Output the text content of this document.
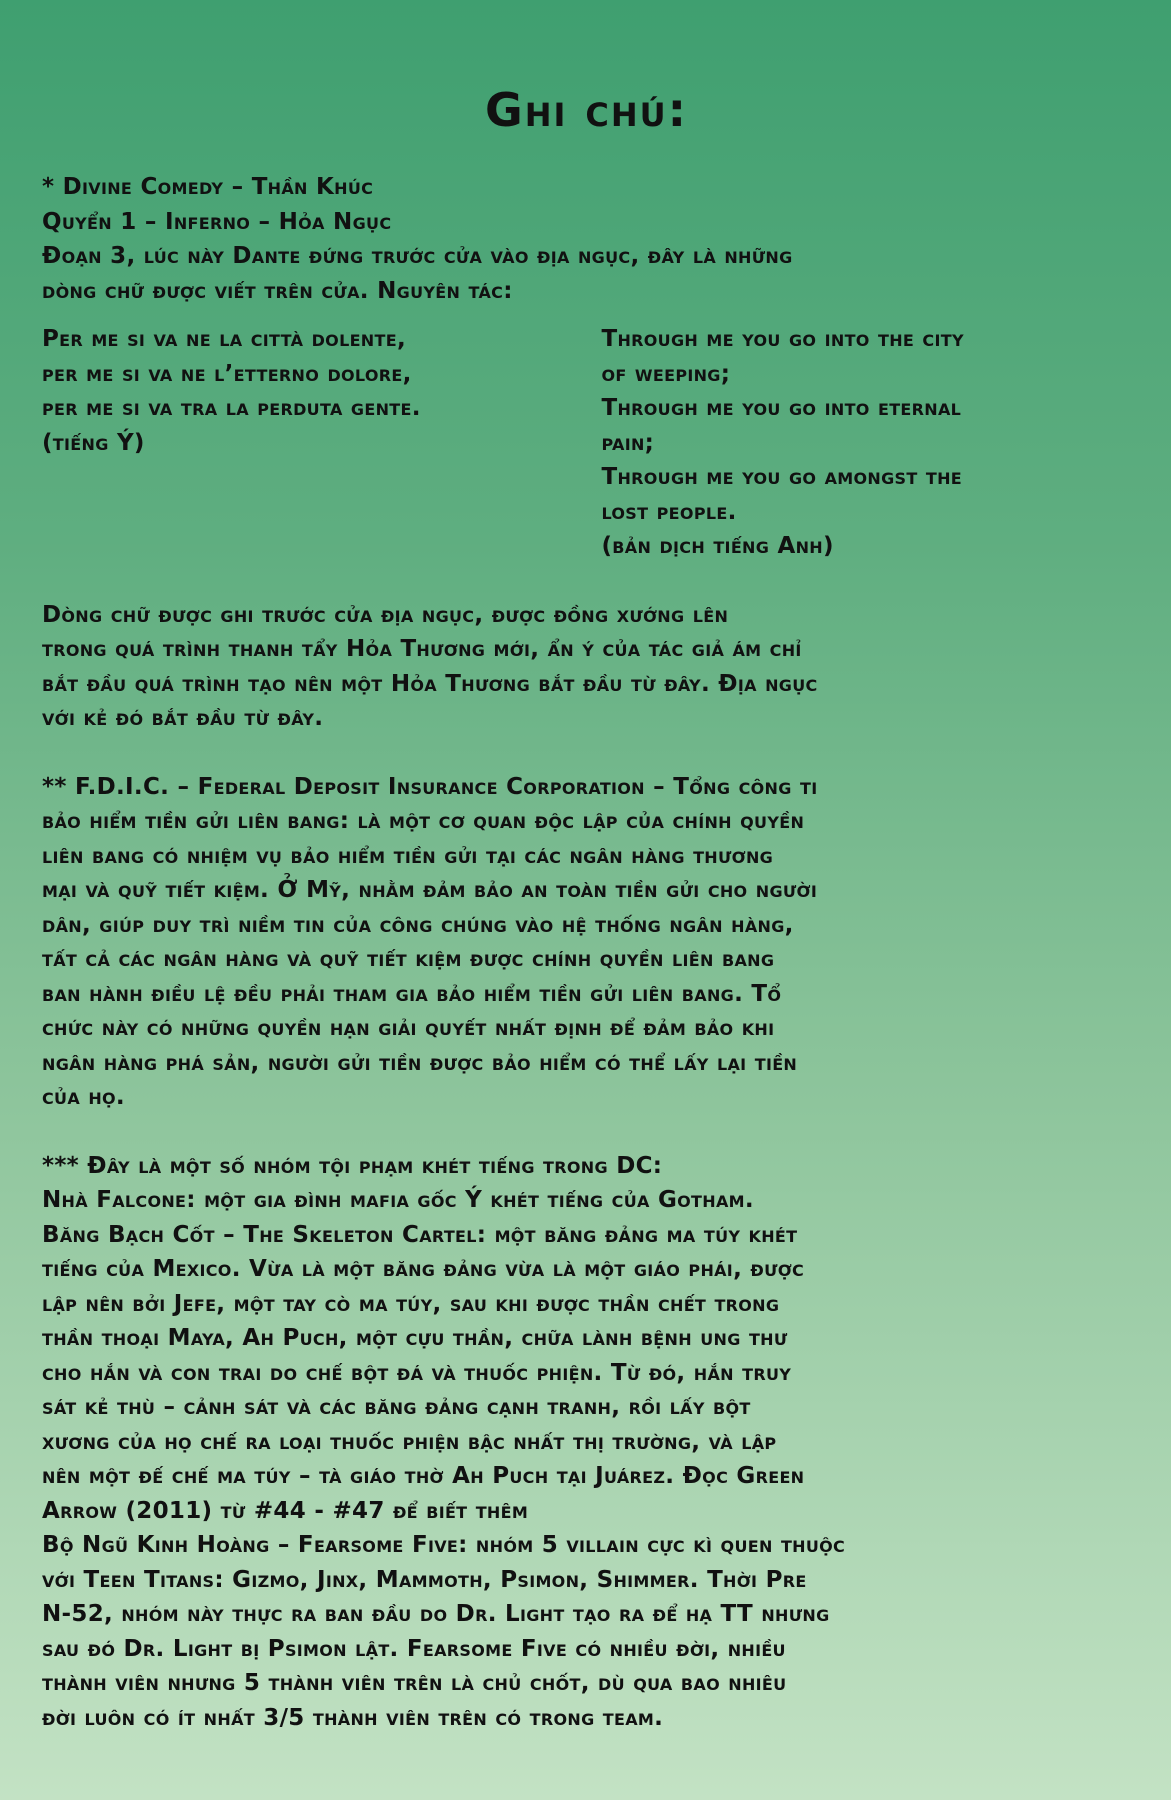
Ghi chú:
* Divine Comedy – Thần Khúc
Quyển 1 – Inferno – Hỏa Ngục
Đoạn 3, lúc này Dante đứng trước cửa vào địa ngục, đây là những
dòng chữ được viết trên cửa. Nguyên tác:
Per me si va ne la città dolente,
per me si va ne l’etterno dolore,
per me si va tra la perduta gente.
(tiếng Ý)
Through me you go into the city
of weeping;
Through me you go into eternal
pain;
Through me you go amongst the
lost people.
(bản dịch tiếng Anh)
Dòng chữ được ghi trước cửa địa ngục, được đồng xướng lên
trong quá trình thanh tẩy Hỏa Thương mới, ẩn ý của tác giả ám chỉ
bắt đầu quá trình tạo nên một Hỏa Thương bắt đầu từ đây. Địa ngục
với kẻ đó bắt đầu từ đây.
** F.D.I.C. – Federal Deposit Insurance Corporation – Tổng công ti
bảo hiểm tiền gửi liên bang: là một cơ quan độc lập của chính quyền
liên bang có nhiệm vụ bảo hiểm tiền gửi tại các ngân hàng thương
mại và quỹ tiết kiệm. Ở Mỹ, nhằm đảm bảo an toàn tiền gửi cho người
dân, giúp duy trì niềm tin của công chúng vào hệ thống ngân hàng,
tất cả các ngân hàng và quỹ tiết kiệm được chính quyền liên bang
ban hành điều lệ đều phải tham gia bảo hiểm tiền gửi liên bang. Tổ
chức này có những quyền hạn giải quyết nhất định để đảm bảo khi
ngân hàng phá sản, người gửi tiền được bảo hiểm có thể lấy lại tiền
của họ.
*** Đây là một số nhóm tội phạm khét tiếng trong DC:
Nhà Falcone: một gia đình mafia gốc Ý khét tiếng của Gotham.
Băng Bạch Cốt – The Skeleton Cartel: một băng đảng ma túy khét
tiếng của Mexico. Vừa là một băng đảng vừa là một giáo phái, được
lập nên bởi Jefe, một tay cò ma túy, sau khi được thần chết trong
thần thoại Maya, Ah Puch, một cựu thần, chữa lành bệnh ung thư
cho hắn và con trai do chế bột đá và thuốc phiện. Từ đó, hắn truy
sát kẻ thù – cảnh sát và các băng đảng cạnh tranh, rồi lấy bột
xương của họ chế ra loại thuốc phiện bậc nhất thị trường, và lập
nên một đế chế ma túy – tà giáo thờ Ah Puch tại Juárez. Đọc Green
Arrow (2011) từ #44 - #47 để biết thêm
Bộ Ngũ Kinh Hoàng – Fearsome Five: nhóm 5 villain cực kì quen thuộc
với Teen Titans: Gizmo, Jinx, Mammoth, Psimon, Shimmer. Thời Pre
N-52, nhóm này thực ra ban đầu do Dr. Light tạo ra để hạ TT nhưng
sau đó Dr. Light bị Psimon lật. Fearsome Five có nhiều đời, nhiều
thành viên nhưng 5 thành viên trên là chủ chốt, dù qua bao nhiêu
đời luôn có ít nhất 3/5 thành viên trên có trong team.
